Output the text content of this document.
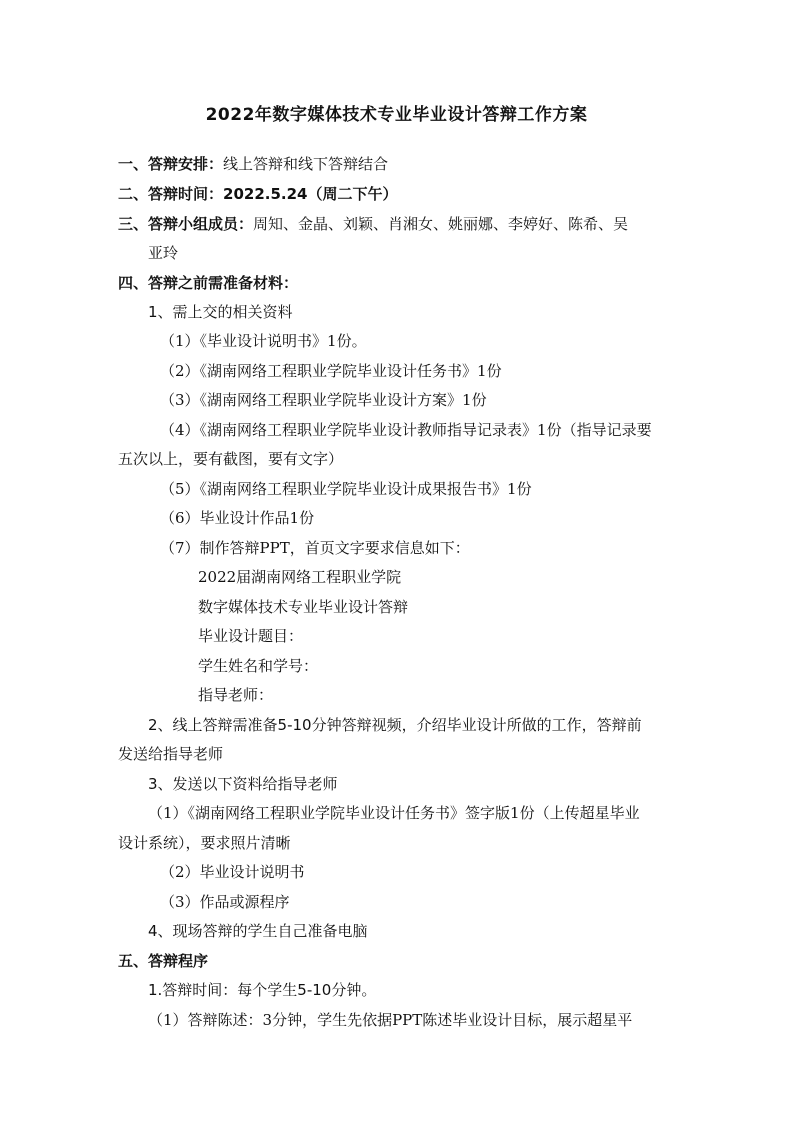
2022年数字媒体技术专业毕业设计答辩工作方案
一、答辩安排：线上答辩和线下答辩结合
二、答辩时间：2022.5.24（周二下午）
三、答辩小组成员：周知、金晶、刘颖、肖湘女、姚丽娜、李婷好、陈希、吴
亚玲
四、答辩之前需准备材料：
1、需上交的相关资料
（1）《毕业设计说明书》1份。
（2）《湖南网络工程职业学院毕业设计任务书》1份
（3）《湖南网络工程职业学院毕业设计方案》1份
（4）《湖南网络工程职业学院毕业设计教师指导记录表》1份（指导记录要
五次以上，要有截图，要有文字）
（5）《湖南网络工程职业学院毕业设计成果报告书》1份
（6）毕业设计作品1份
（7）制作答辩PPT，首页文字要求信息如下：
2022届湖南网络工程职业学院
数字媒体技术专业毕业设计答辩
毕业设计题目：
学生姓名和学号：
指导老师：
2、线上答辩需准备5-10分钟答辩视频，介绍毕业设计所做的工作，答辩前
发送给指导老师
3、发送以下资料给指导老师
（1）《湖南网络工程职业学院毕业设计任务书》签字版1份（上传超星毕业
设计系统），要求照片清晰
（2）毕业设计说明书
（3）作品或源程序
4、现场答辩的学生自己准备电脑
五、答辩程序
1.答辩时间：每个学生5-10分钟。
（1）答辩陈述：3分钟，学生先依据PPT陈述毕业设计目标，展示超星平
